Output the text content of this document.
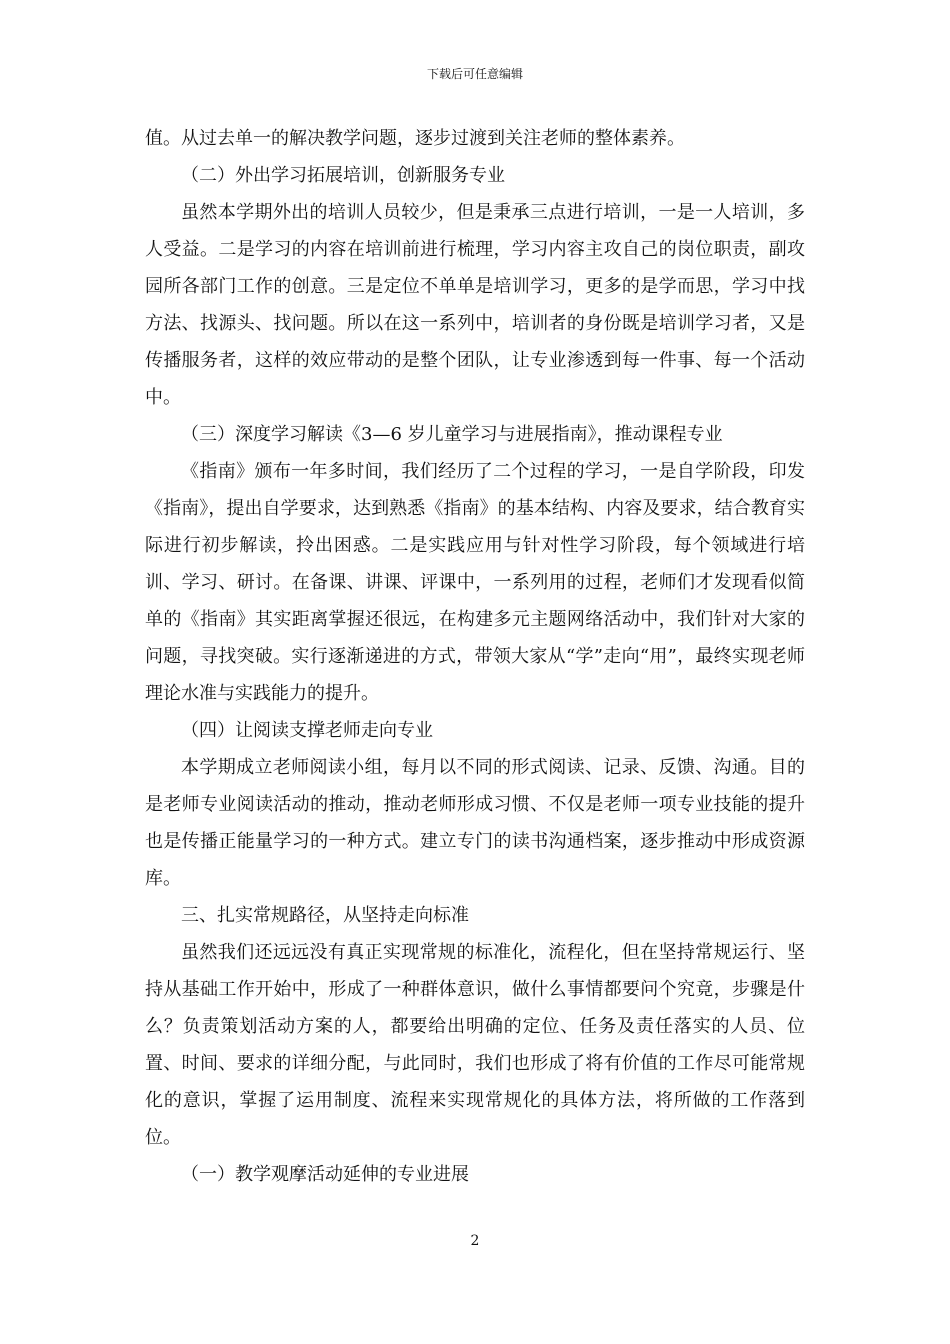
下载后可任意编辑

值。从过去单一的解决教学问题，逐步过渡到关注老师的整体素养。

（二）外出学习拓展培训，创新服务专业

虽然本学期外出的培训人员较少，但是秉承三点进行培训，一是一人培训，多人受益。二是学习的内容在培训前进行梳理，学习内容主攻自己的岗位职责，副攻园所各部门工作的创意。三是定位不单单是培训学习，更多的是学而思，学习中找方法、找源头、找问题。所以在这一系列中，培训者的身份既是培训学习者，又是传播服务者，这样的效应带动的是整个团队，让专业渗透到每一件事、每一个活动中。

（三）深度学习解读《3—6 岁儿童学习与进展指南》，推动课程专业

《指南》颁布一年多时间，我们经历了二个过程的学习，一是自学阶段，印发《指南》，提出自学要求，达到熟悉《指南》的基本结构、内容及要求，结合教育实际进行初步解读，拎出困惑。二是实践应用与针对性学习阶段，每个领域进行培训、学习、研讨。在备课、讲课、评课中，一系列用的过程，老师们才发现看似简单的《指南》其实距离掌握还很远，在构建多元主题网络活动中，我们针对大家的问题，寻找突破。实行逐渐递进的方式，带领大家从“学”走向“用”，最终实现老师理论水准与实践能力的提升。

（四）让阅读支撑老师走向专业

本学期成立老师阅读小组，每月以不同的形式阅读、记录、反馈、沟通。目的是老师专业阅读活动的推动，推动老师形成习惯、不仅是老师一项专业技能的提升也是传播正能量学习的一种方式。建立专门的读书沟通档案，逐步推动中形成资源库。

三、扎实常规路径，从坚持走向标准

虽然我们还远远没有真正实现常规的标准化，流程化，但在坚持常规运行、坚持从基础工作开始中，形成了一种群体意识，做什么事情都要问个究竟，步骤是什么？负责策划活动方案的人，都要给出明确的定位、任务及责任落实的人员、位置、时间、要求的详细分配，与此同时，我们也形成了将有价值的工作尽可能常规化的意识，掌握了运用制度、流程来实现常规化的具体方法，将所做的工作落到位。

（一）教学观摩活动延伸的专业进展

2
